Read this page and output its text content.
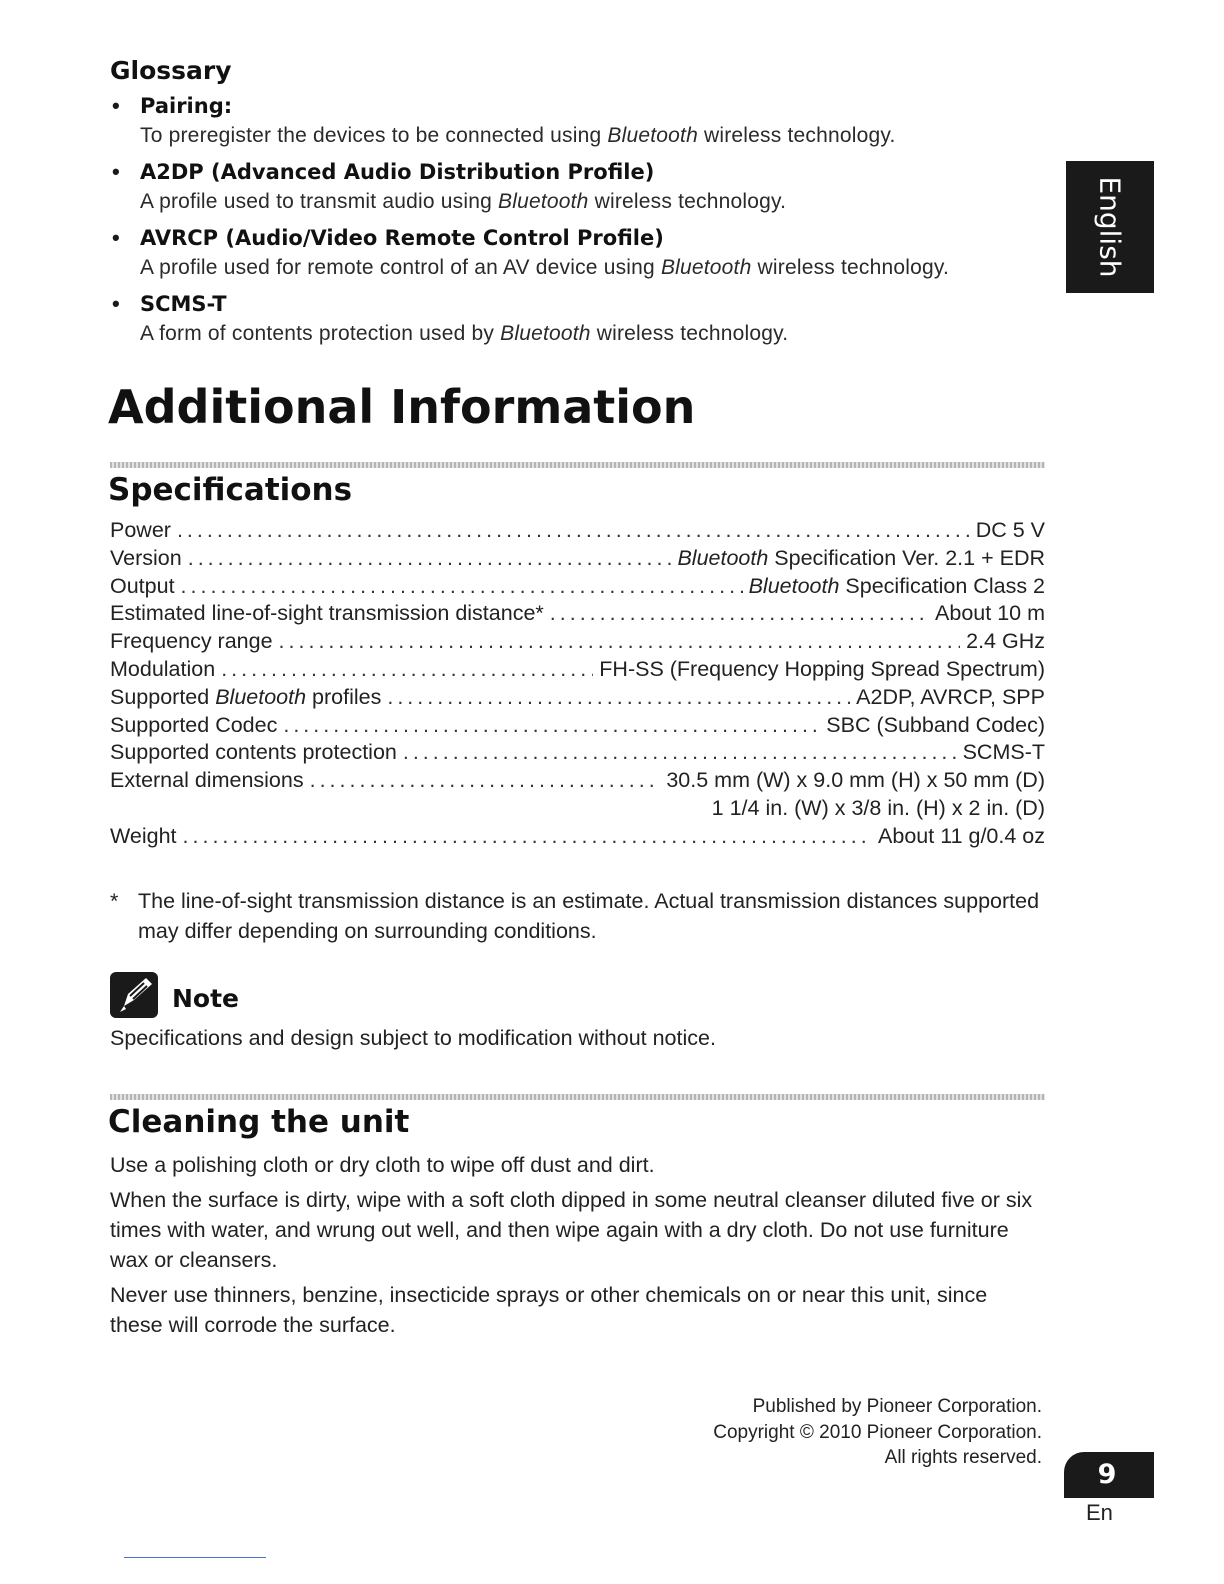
Glossary
• Pairing:
To preregister the devices to be connected using Bluetooth wireless technology.
• A2DP (Advanced Audio Distribution Profile)
A profile used to transmit audio using Bluetooth wireless technology.
• AVRCP (Audio/Video Remote Control Profile)
A profile used for remote control of an AV device using Bluetooth wireless technology.
• SCMS-T
A form of contents protection used by Bluetooth wireless technology.
English
Additional Information
Specifications
Power .....	DC 5 V
Version .....	Bluetooth Specification Ver. 2.1 + EDR
Output .....	Bluetooth Specification Class 2
Estimated line-of-sight transmission distance* .....	About 10 m
Frequency range .....	2.4 GHz
Modulation .....	FH-SS (Frequency Hopping Spread Spectrum)
Supported Bluetooth profiles .....	A2DP, AVRCP, SPP
Supported Codec .....	SBC (Subband Codec)
Supported contents protection .....	SCMS-T
External dimensions .....	30.5 mm (W) x 9.0 mm (H) x 50 mm (D)
1 1/4 in. (W) x 3/8 in. (H) x 2 in. (D)
Weight .....	About 11 g/0.4 oz
* The line-of-sight transmission distance is an estimate. Actual transmission distances supported may differ depending on surrounding conditions.
Note
Specifications and design subject to modification without notice.
Cleaning the unit

Use a polishing cloth or dry cloth to wipe off dust and dirt.

When the surface is dirty, wipe with a soft cloth dipped in some neutral cleanser diluted five or six times with water, and wrung out well, and then wipe again with a dry cloth. Do not use furniture wax or cleansers.

Never use thinners, benzine, insecticide sprays or other chemicals on or near this unit, since these will corrode the surface.

Published by Pioneer Corporation.
Copyright © 2010 Pioneer Corporation.
All rights reserved.
9
En
